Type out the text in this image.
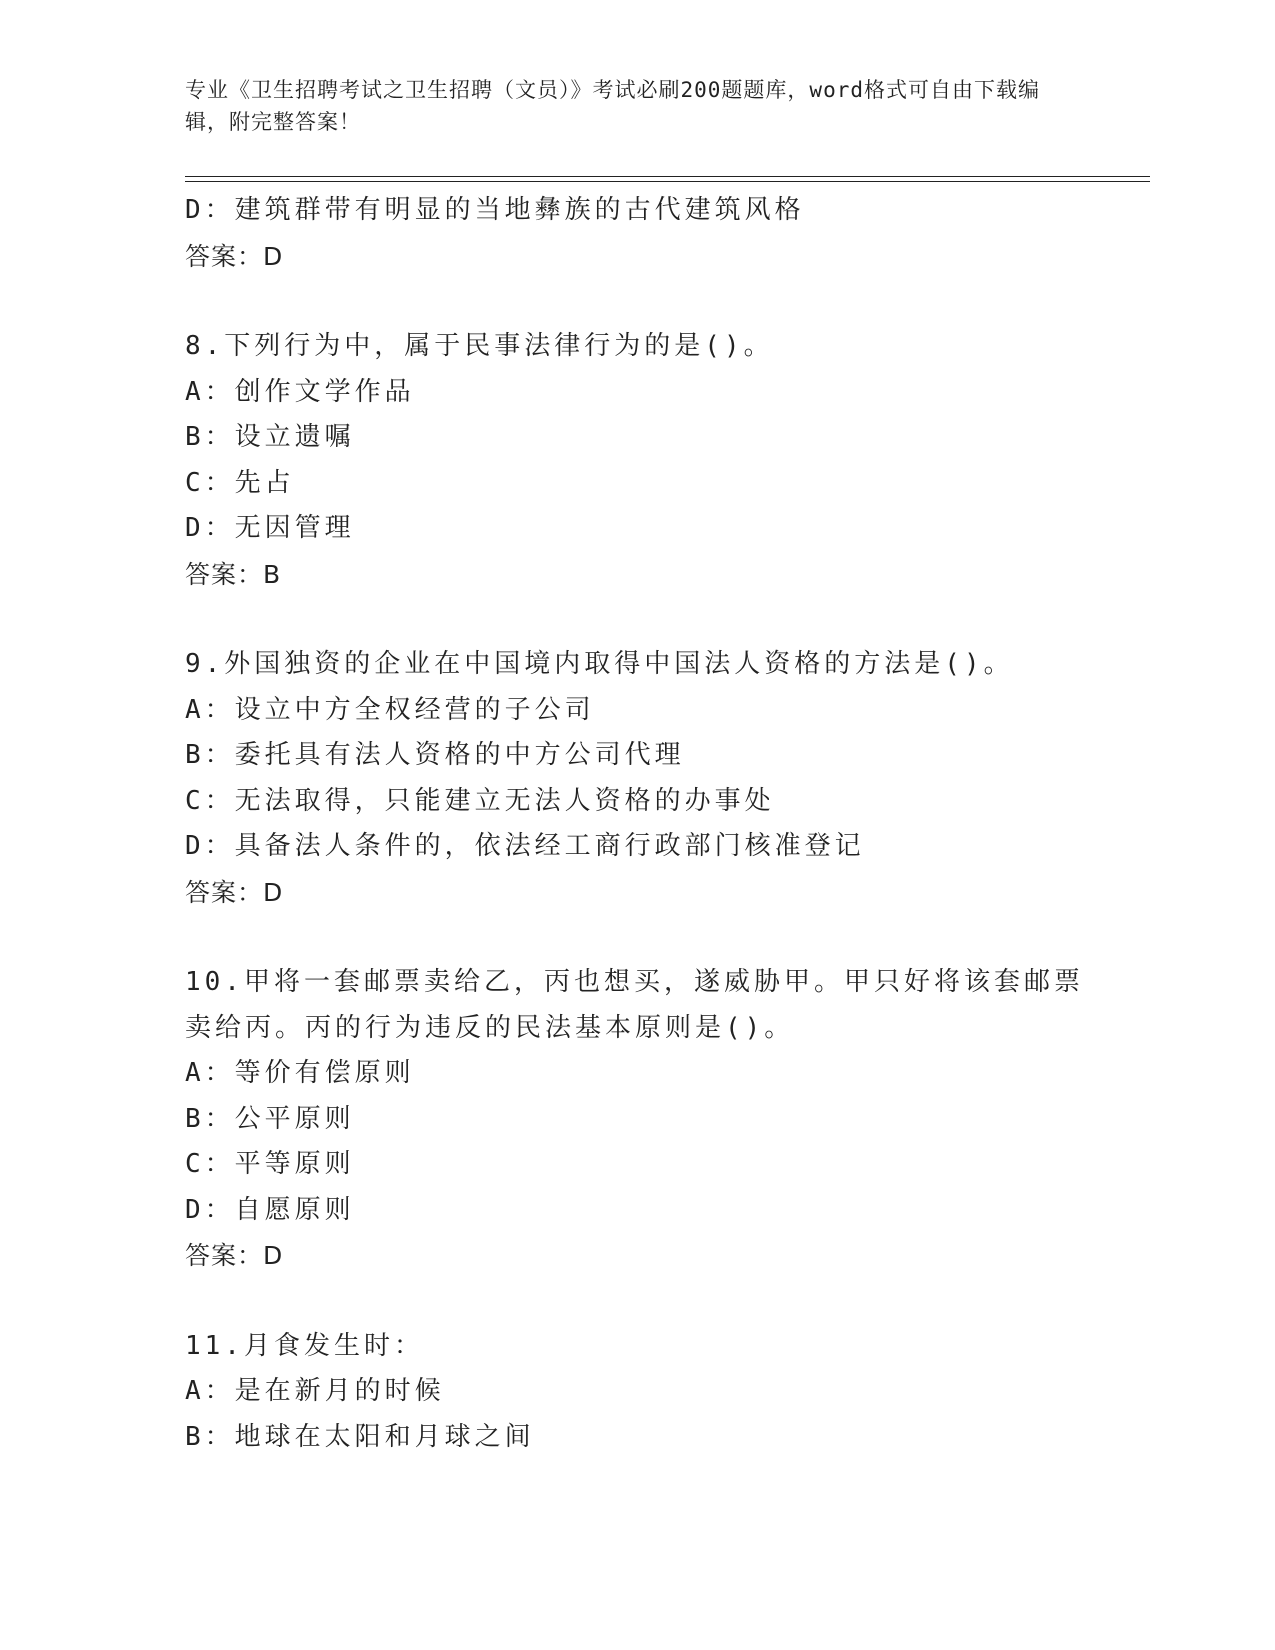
专业《卫生招聘考试之卫生招聘（文员）》考试必刷200题题库，word格式可自由下载编辑，附完整答案！
D：建筑群带有明显的当地彝族的古代建筑风格
答案：D
8.下列行为中，属于民事法律行为的是()。
A：创作文学作品
B：设立遗嘱
C：先占
D：无因管理
答案：B
9.外国独资的企业在中国境内取得中国法人资格的方法是()。
A：设立中方全权经营的子公司
B：委托具有法人资格的中方公司代理
C：无法取得，只能建立无法人资格的办事处
D：具备法人条件的，依法经工商行政部门核准登记
答案：D
10.甲将一套邮票卖给乙，丙也想买，遂威胁甲。甲只好将该套邮票卖给丙。丙的行为违反的民法基本原则是()。
A：等价有偿原则
B：公平原则
C：平等原则
D：自愿原则
答案：D
11.月食发生时：
A：是在新月的时候
B：地球在太阳和月球之间
